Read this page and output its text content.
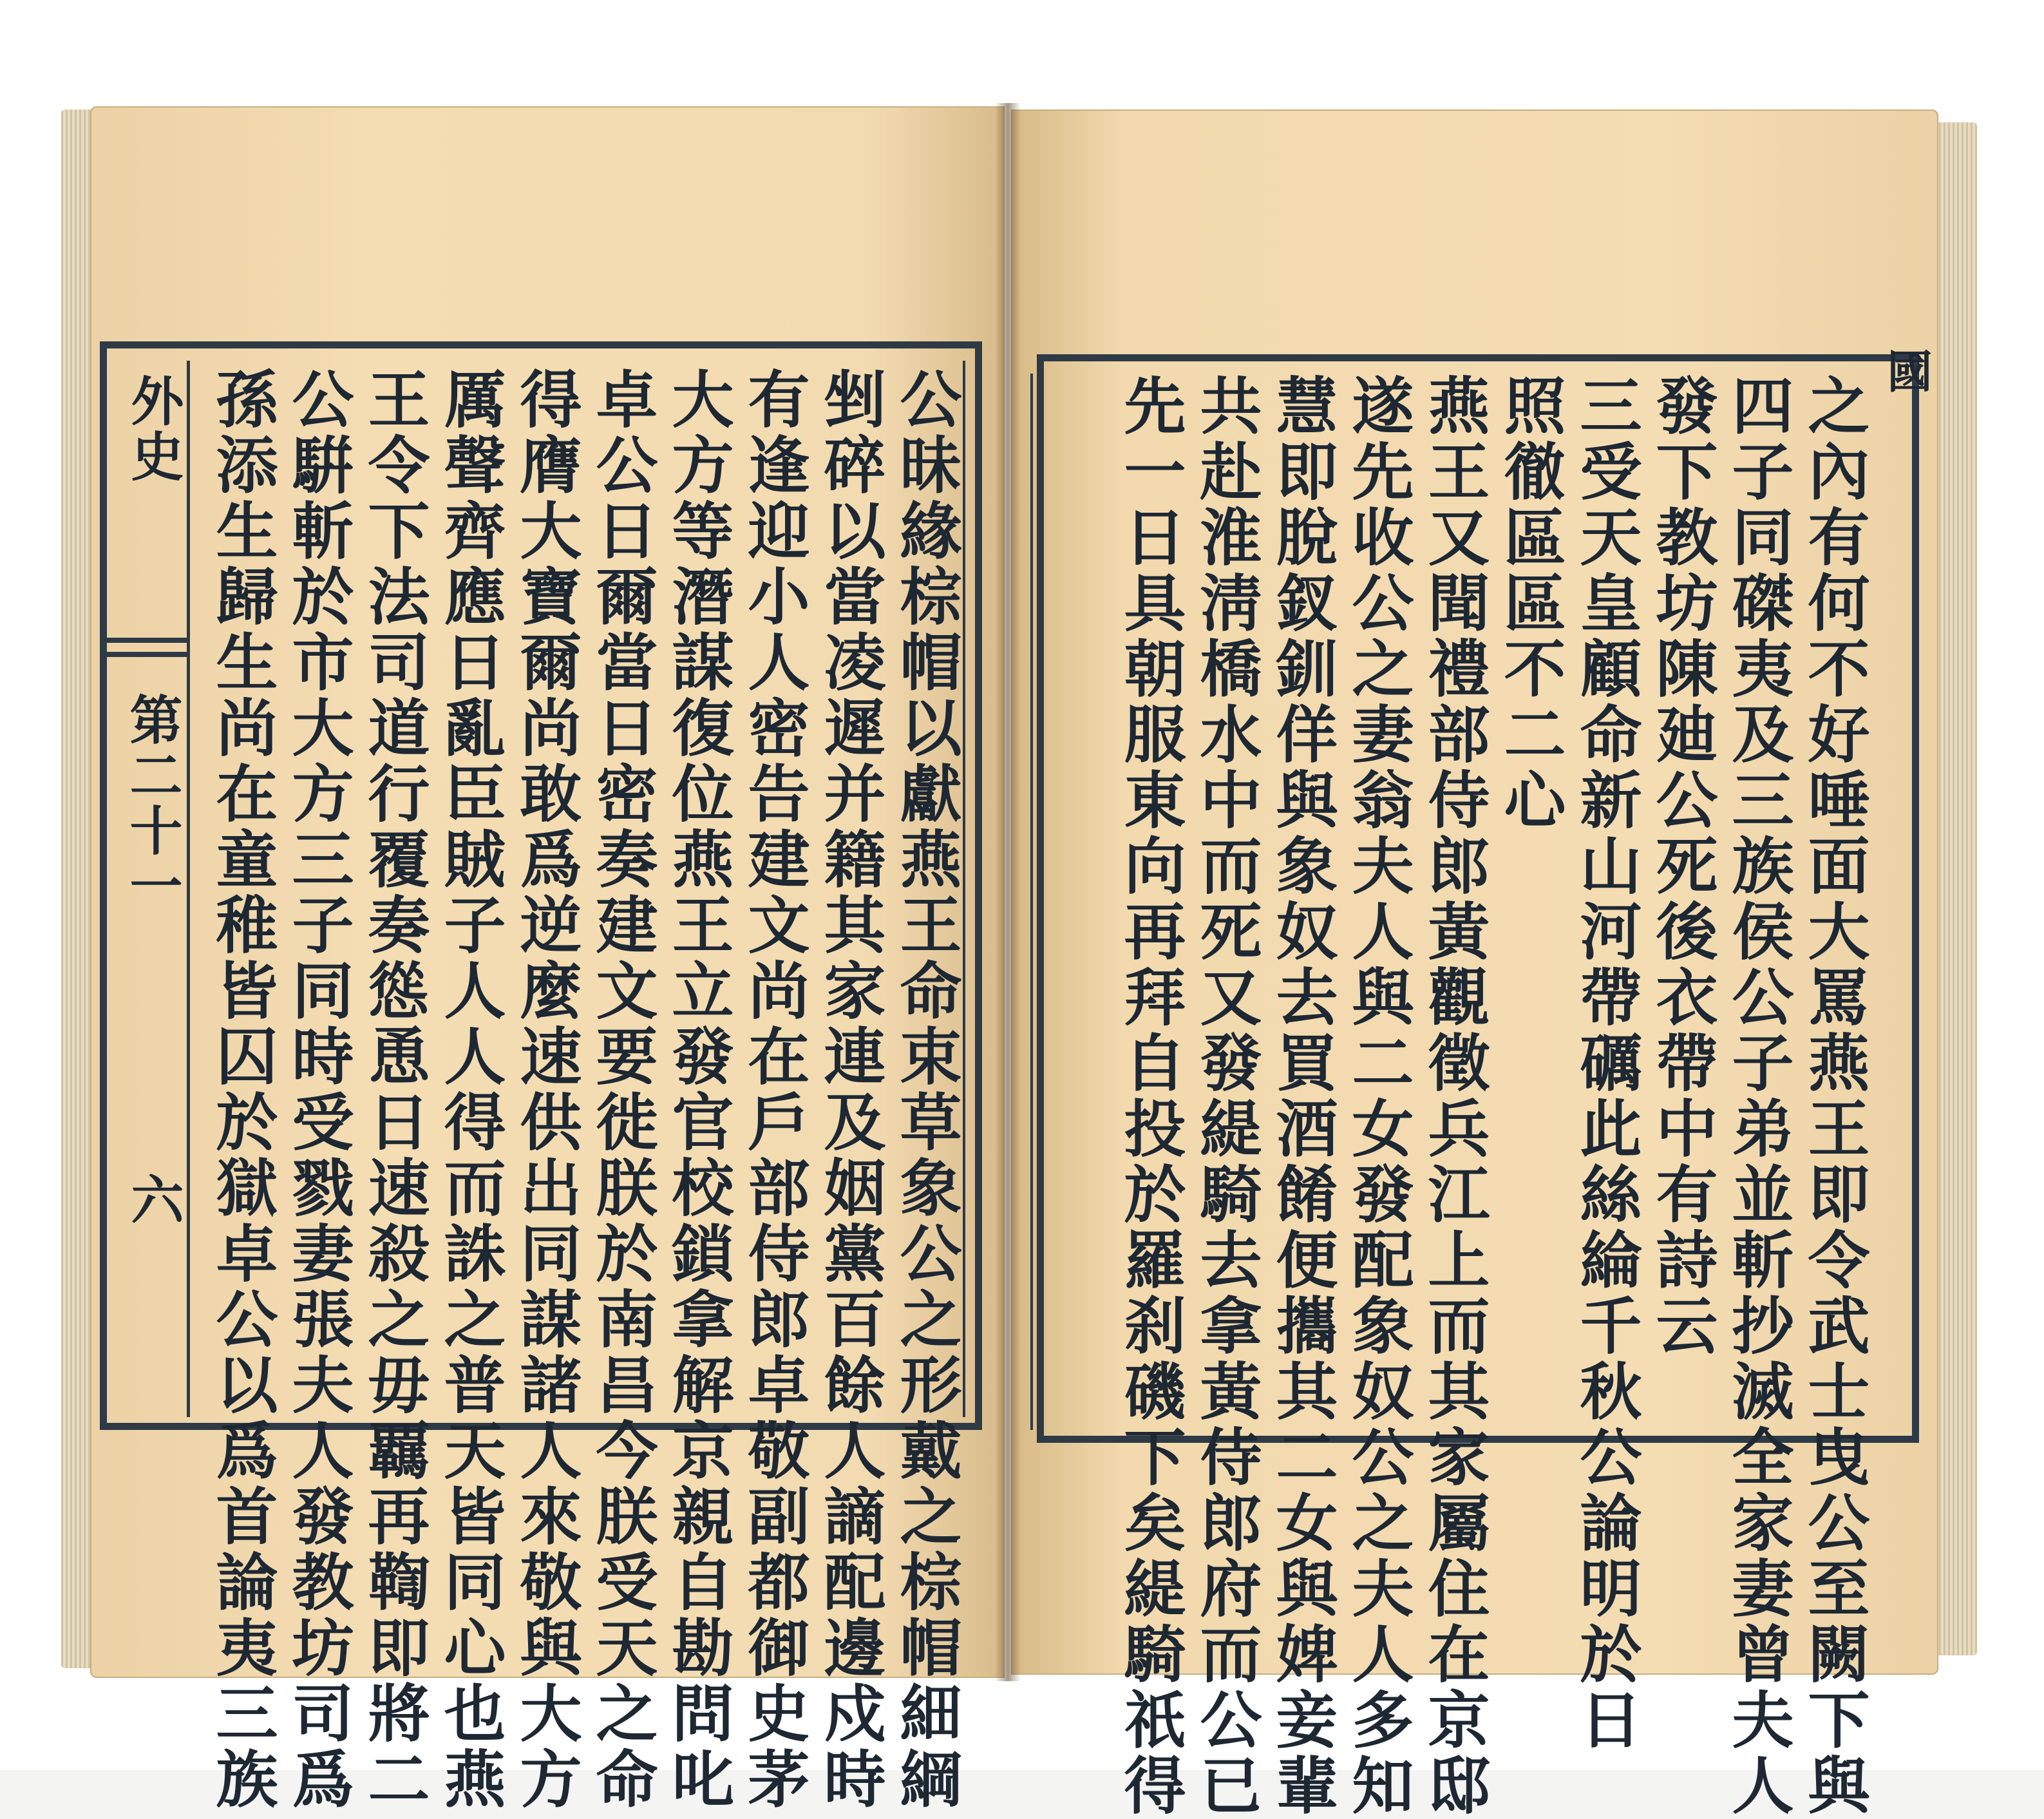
外史
第二十一
六	公昧緣棕帽以獻燕王命束草象公之形戴之棕帽細綱
剉碎以當凌遲并籍其家連及姻黨百餘人謫配邊戍時
有逢迎小人密告建文尚在戶部侍郎卓敬副都御史茅
大方等潛謀復位燕王立發官校鎖拿解京親自勘問叱
卓公日爾當日密奏建文要徙朕於南昌今朕受天之命
得膺大寶爾尚敢爲逆麼速供出同謀諸人來敬與大方
厲聲齊應日亂臣賊子人人得而誅之普天皆同心也燕
王令下法司道行覆奏慫恿日速殺之毋覊再鞫即將二
公騈斬於市大方三子同時受戮妻張夫人發教坊司爲
孫添生歸生尚在童稚皆囚於獄卓公以爲首論夷三族	國
之內有何不好唾面大罵燕王即令武士曳公至闕下與
四子同磔夷及三族侯公子弟並斬抄滅全家妻曾夫人
發下教坊陳廸公死後衣帶中有詩云
三受天皇顧命新山河帶礪此絲綸千秋公論明於日
照徹區區不二心
燕王又聞禮部侍郎黃觀徵兵江上而其家屬住在京邸
遂先收公之妻翁夫人與二女發配象奴公之夫人多知
慧即脫釵釧佯與象奴去買酒餚便攜其二女與婢妾輩
共赴淮淸橋水中而死又發緹騎去拿黃侍郎府而公已
先一日具朝服東向再拜自投於羅刹磯下矣緹騎祇得
